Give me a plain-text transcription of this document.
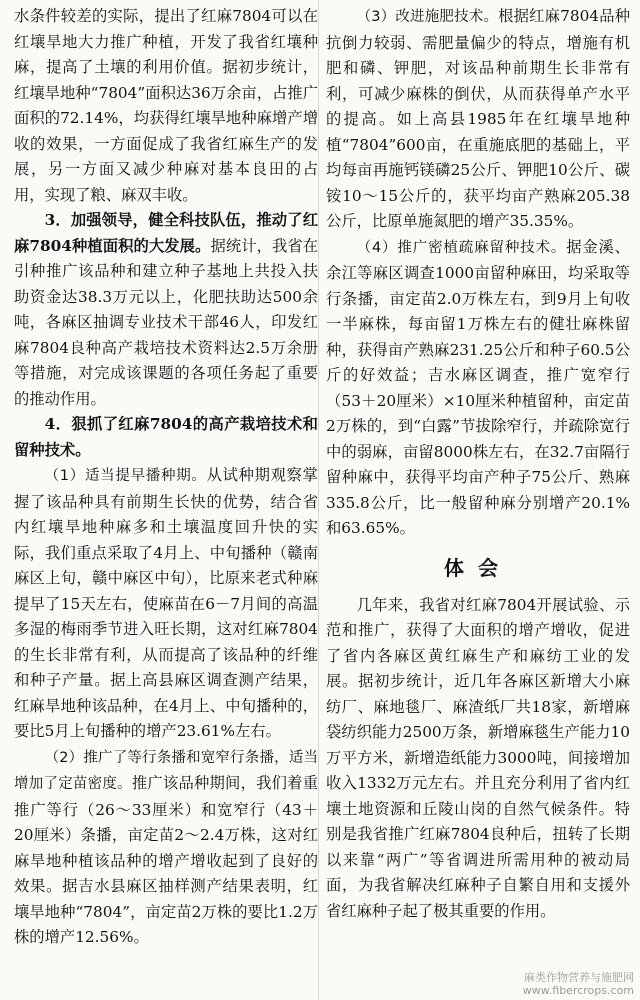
水条件较差的实际，提出了红麻7804可以在红壤旱地大力推广种植，开发了我省红壤种麻，提高了土壤的利用价值。据初步统计，红壤旱地种“7804”面积达36万余亩，占推广面积的72.14%，均获得红壤旱地种麻增产增收的效果，一方面促成了我省红麻生产的发展，另一方面又减少种麻对基本良田的占用，实现了粮、麻双丰收。

3．加强领导，健全科技队伍，推动了红麻7804种植面积的大发展。据统计，我省在引种推广该品种和建立种子基地上共投入扶助资金达38.3万元以上，化肥扶助达500余吨，各麻区抽调专业技术干部46人，印发红麻7804良种高产栽培技术资料达2.5万余册等措施，对完成该课题的各项任务起了重要的推动作用。

4．狠抓了红麻7804的高产栽培技术和留种技术。

（1）适当提早播种期。从试种期观察掌握了该品种具有前期生长快的优势，结合省内红壤旱地种麻多和土壤温度回升快的实际，我们重点采取了4月上、中旬播种（赣南麻区上旬，赣中麻区中旬），比原来老式种麻提早了15天左右，使麻苗在6－7月间的高温多湿的梅雨季节进入旺长期，这对红麻7804的生长非常有利，从而提高了该品种的纤维和种子产量。据上高县麻区调查测产结果，红麻旱地种该品种，在4月上、中旬播种的，要比5月上旬播种的增产23.61%左右。

（2）推广了等行条播和宽窄行条播，适当增加了定苗密度。推广该品种期间，我们着重推广等行（26～33厘米）和宽窄行（43＋20厘米）条播，亩定苗2～2.4万株，这对红麻旱地种植该品种的增产增收起到了良好的效果。据吉水县麻区抽样测产结果表明，红壤旱地种“7804”，亩定苗2万株的要比1.2万株的增产12.56%。

（3）改进施肥技术。根据红麻7804品种抗倒力较弱、需肥量偏少的特点，增施有机肥和磷、钾肥，对该品种前期生长非常有利，可减少麻株的倒伏，从而获得单产水平的提高。如上高县1985年在红壤旱地种植“7804”600亩，在重施底肥的基础上，平均每亩再施钙镁磷25公斤、钾肥10公斤、碳铵10～15公斤的，获平均亩产熟麻205.38公斤，比原单施氮肥的增产35.35%。

（4）推广密植疏麻留种技术。据金溪、余江等麻区调查1000亩留种麻田，均采取等行条播，亩定苗2.0万株左右，到9月上旬收一半麻株，每亩留1万株左右的健壮麻株留种，获得亩产熟麻231.25公斤和种子60.5公斤的好效益；吉水麻区调查，推广宽窄行（53＋20厘米）×10厘米种植留种，亩定苗2万株的，到“白露”节拔除窄行，并疏除宽行中的弱麻，亩留8000株左右，在32.7亩隔行留种麻中，获得平均亩产种子75公斤、熟麻335.8公斤，比一般留种麻分别增产20.1%和63.65%。

体会

几年来，我省对红麻7804开展试验、示范和推广，获得了大面积的增产增收，促进了省内各麻区黄红麻生产和麻纺工业的发展。据初步统计，近几年各麻区新增大小麻纺厂、麻地毯厂、麻渣纸厂共18家，新增麻袋纺织能力2500万条，新增麻毯生产能力10万平方米，新增造纸能力3000吨，间接增加收入1332万元左右。并且充分利用了省内红壤土地资源和丘陵山岗的自然气候条件。特别是我省推广红麻7804良种后，扭转了长期以来靠“两广”等省调进所需用种的被动局面，为我省解决红麻种子自繁自用和支援外省红麻种子起了极其重要的作用。

麻类作物营养与施肥网
www.fibercrops.com
